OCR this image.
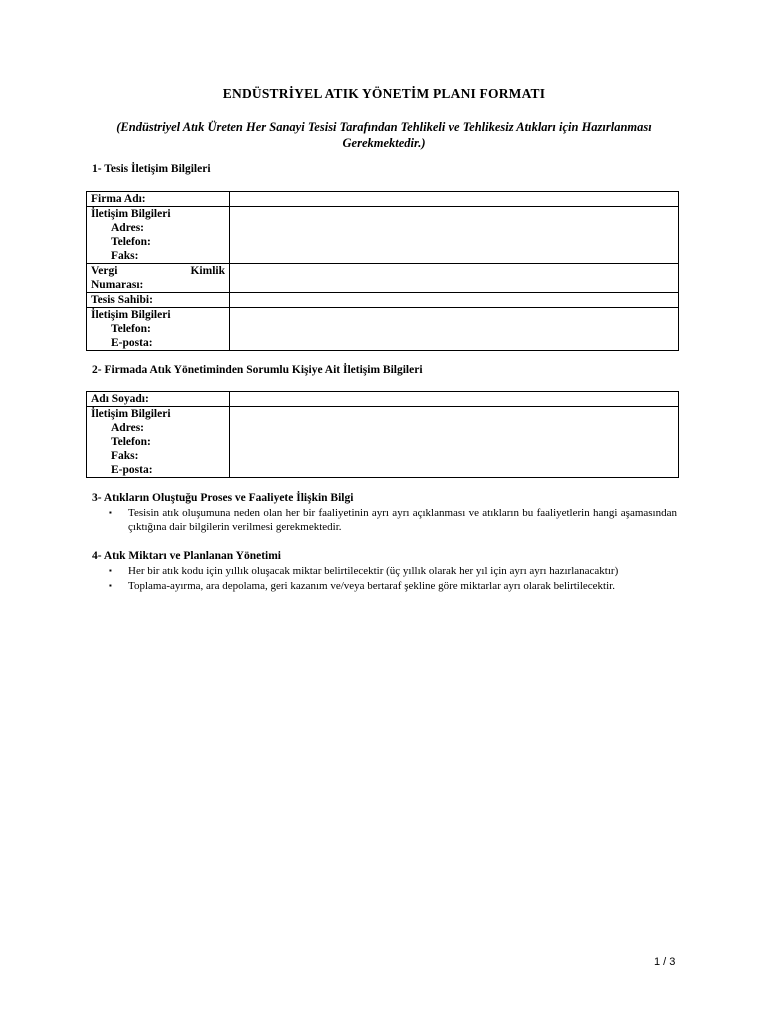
ENDÜSTRİYEL ATIK YÖNETİM PLANI FORMATI
(Endüstriyel Atık Üreten Her Sanayi Tesisi Tarafından Tehlikeli ve Tehlikesiz Atıkları için Hazırlanması Gerekmektedir.)
1- Tesis İletişim Bilgileri
Firma Adı:	
İletişim Bilgileri
Adres:
Telefon:
Faks:	

Vergi Kimlik
Numarası:	
Tesis Sahibi:	
İletişim Bilgileri
Telefon:
E-posta:	

2- Firmada Atık Yönetiminden Sorumlu Kişiye Ait İletişim Bilgileri
Adı Soyadı:	
İletişim Bilgileri
Adres:
Telefon:
Faks:
E-posta:	

3- Atıkların Oluştuğu Proses ve Faaliyete İlişkin Bilgi
▪ Tesisin atık oluşumuna neden olan her bir faaliyetinin ayrı ayrı açıklanması ve atıkların bu faaliyetlerin hangi aşamasından çıktığına dair bilgilerin verilmesi gerekmektedir.
4- Atık Miktarı ve Planlanan Yönetimi
▪ Her bir atık kodu için yıllık oluşacak miktar belirtilecektir (üç yıllık olarak her yıl için ayrı ayrı hazırlanacaktır)
▪ Toplama-ayırma, ara depolama, geri kazanım ve/veya bertaraf şekline göre miktarlar ayrı olarak belirtilecektir.
1 / 3
